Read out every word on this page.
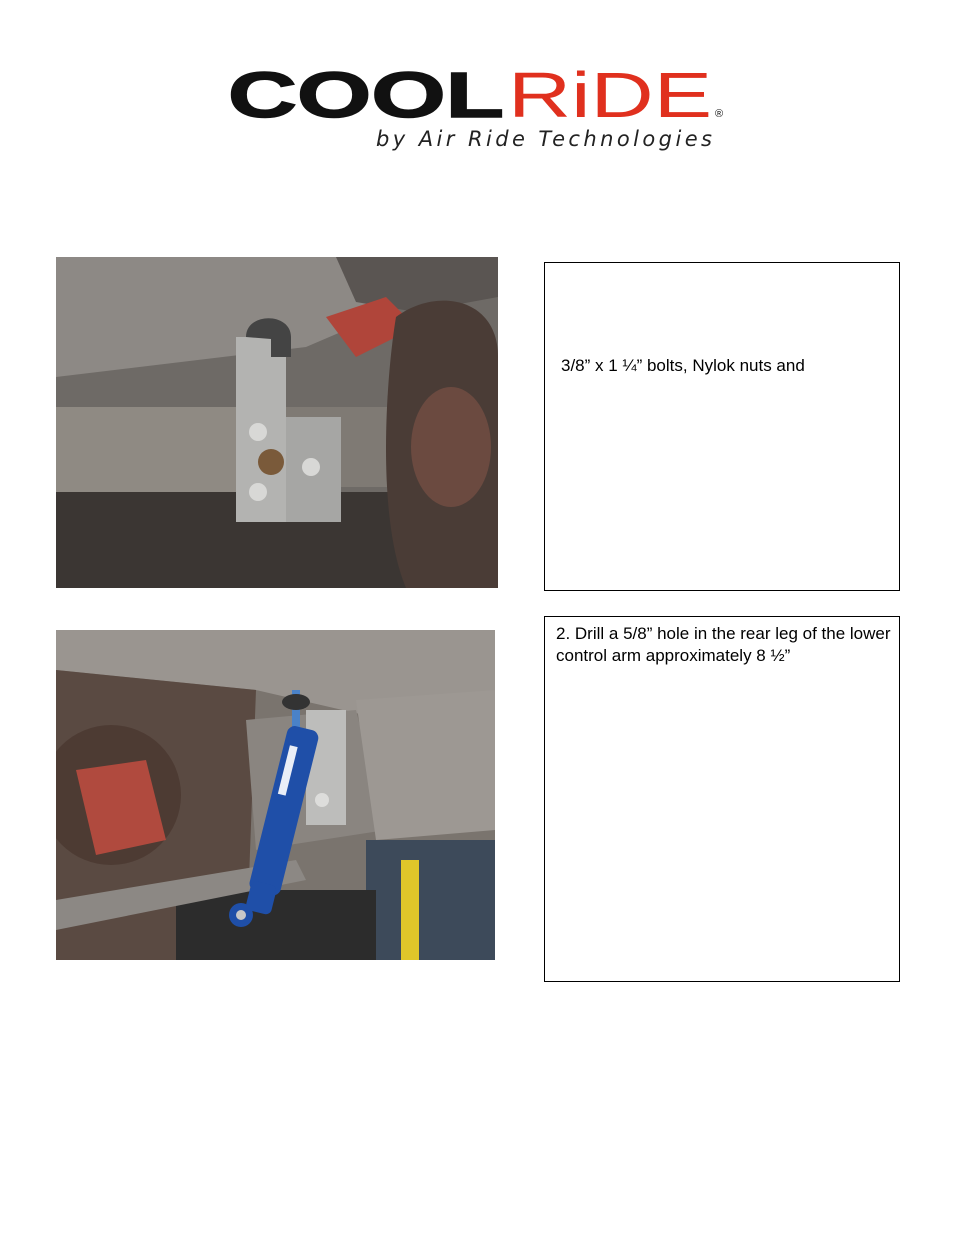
COOL RiDE ®
by Air Ride Technologies
3/8” x 1 ¼” bolts, Nylok nuts and
2. Drill a 5/8” hole in the rear leg of the lower control arm approximately 8 ½”
